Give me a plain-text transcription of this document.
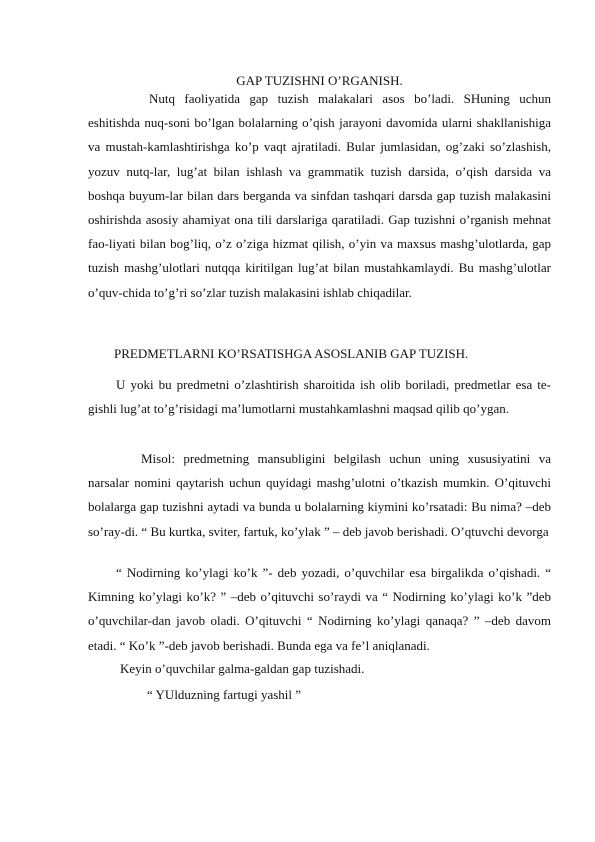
GAP TUZISHNI O’RGANISH.

Nutq faoliyatida gap tuzish malakalari asos bo’ladi. SHuning uchun eshitishda nuq-soni bo’lgan bolalarning o’qish jarayoni davomida ularni shakllanishiga va mustah-kamlashtirishga ko’p vaqt ajratiladi. Bular jumlasidan, og’zaki so’zlashish, yozuv nutq-lar, lug’at bilan ishlash va grammatik tuzish darsida, o’qish darsida va boshqa buyum-lar bilan dars berganda va sinfdan tashqari darsda gap tuzish malakasini oshirishda asosiy ahamiyat ona tili darslariga qaratiladi. Gap tuzishni o’rganish mehnat fao-liyati bilan bog’liq, o’z o’ziga hizmat qilish, o’yin va maxsus mashg’ulotlarda, gap tuzish mashg’ulotlari nutqqa kiritilgan lug’at bilan mustahkamlaydi. Bu mashg’ulotlar o’quv-chida to’g’ri so’zlar tuzish malakasini ishlab chiqadilar.

PREDMETLARNI KO’RSATISHGA ASOSLANIB GAP TUZISH.

U yoki bu predmetni o’zlashtirish sharoitida ish olib boriladi, predmetlar esa te-gishli lug’at to’g’risidagi ma’lumotlarni mustahkamlashni maqsad qilib qo’ygan.

Misol: predmetning mansubligini belgilash uchun uning xususiyatini va narsalar nomini qaytarish uchun quyidagi mashg’ulotni o’tkazish mumkin. O’qituvchi bolalarga gap tuzishni aytadi va bunda u bolalarning kiymini ko’rsatadi: Bu nima? –deb so’ray-di. “ Bu kurtka, sviter, fartuk, ko’ylak ” – deb javob berishadi. O’qtuvchi devorga

“ Nodirning ko’ylagi ko’k ”- deb yozadi, o’quvchilar esa birgalikda o’qishadi. “ Kimning ko’ylagi ko’k? ” –deb o’qituvchi so’raydi va “ Nodirning ko’ylagi ko’k ”deb o’quvchilar-dan javob oladi. O’qituvchi “ Nodirning ko’ylagi qanaqa? ” –deb davom etadi. “ Ko’k ”-deb javob berishadi. Bunda ega va fe’l aniqlanadi.

Keyin o’quvchilar galma-galdan gap tuzishadi.
“ YUlduzning fartugi yashil ”
